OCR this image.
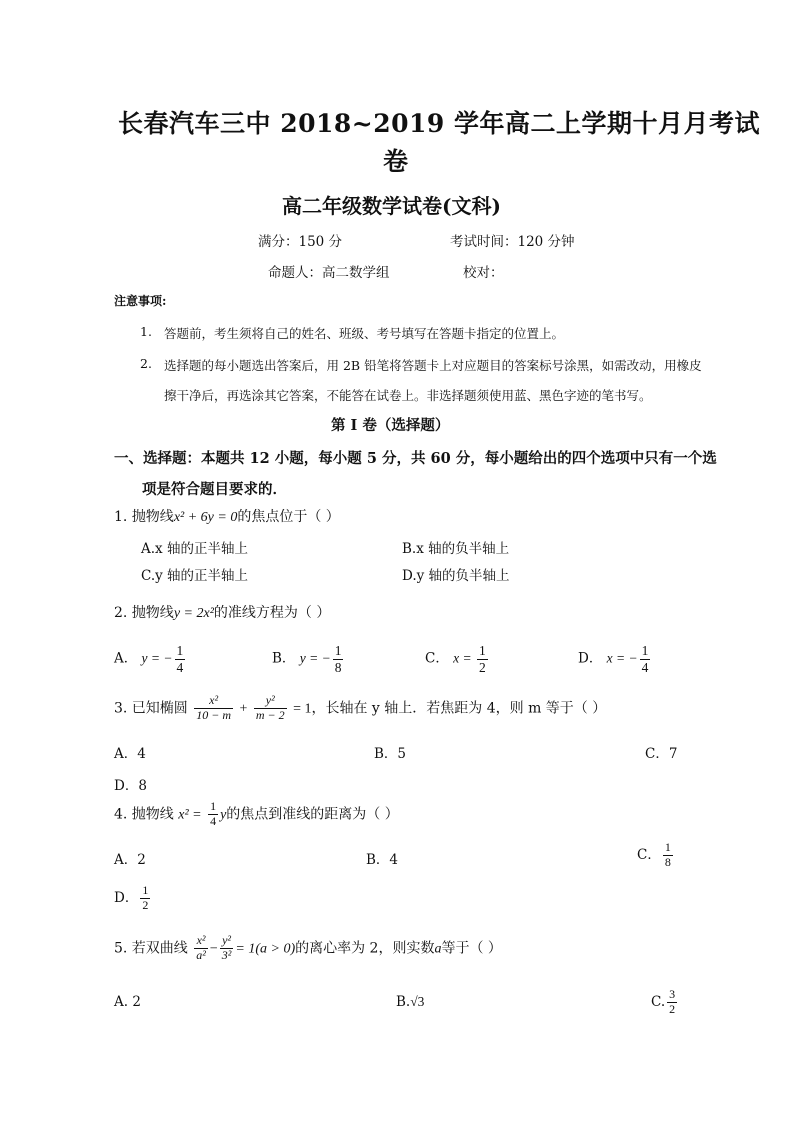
长春汽车三中 2018~2019 学年高二上学期十月月考试
卷
高二年级数学试卷(文科)
满分：150 分	考试时间：120 分钟
命题人：高二数学组	校对：
注意事项:
1. 答题前，考生须将自己的姓名、班级、考号填写在答题卡指定的位置上。
2. 选择题的每小题选出答案后，用 2B 铅笔将答题卡上对应题目的答案标号涂黑，如需改动，用橡皮
擦干净后，再选涂其它答案，不能答在试卷上。非选择题须使用蓝、黑色字迹的笔书写。
第 I 卷（选择题）
一、选择题：本题共 12 小题，每小题 5 分，共 60 分，每小题给出的四个选项中只有一个选
项是符合题目要求的．
1. 抛物线x² + 6y = 0的焦点位于（ ）
A.x 轴的正半轴上	B.x 轴的负半轴上
C.y 轴的正半轴上	D.y 轴的负半轴上
2. 抛物线y = 2x²的准线方程为（ ）
A． y = − $\frac{1}{4}$	B． y = − $\frac{1}{8}$	C． $x = \frac{1}{2}$	D． x = − $\frac{1}{4}$
3. 已知椭圆 $\frac{\text{x²}}{10 - m} + \frac{\text{y²}}{m - 2} = 1$，长轴在 y 轴上．若焦距为 4，则 m 等于（ ）
A．4	B．5	C．7
D．8
4. 抛物线 $x^2 = \frac{1}{4}$ y的焦点到准线的距离为（ ）
A．2	B．4	C． $\frac{1}{8}$
D． $\frac{1}{2}$
5. 若双曲线 $\frac{\text{x²}}{\text{a²}} - \frac{\text{y²}}{\text{3²}} = 1(a > 0)$的离心率为 2，则实数a等于（ ）
A. 2	B.√3	C. $\frac{3}{2}$
